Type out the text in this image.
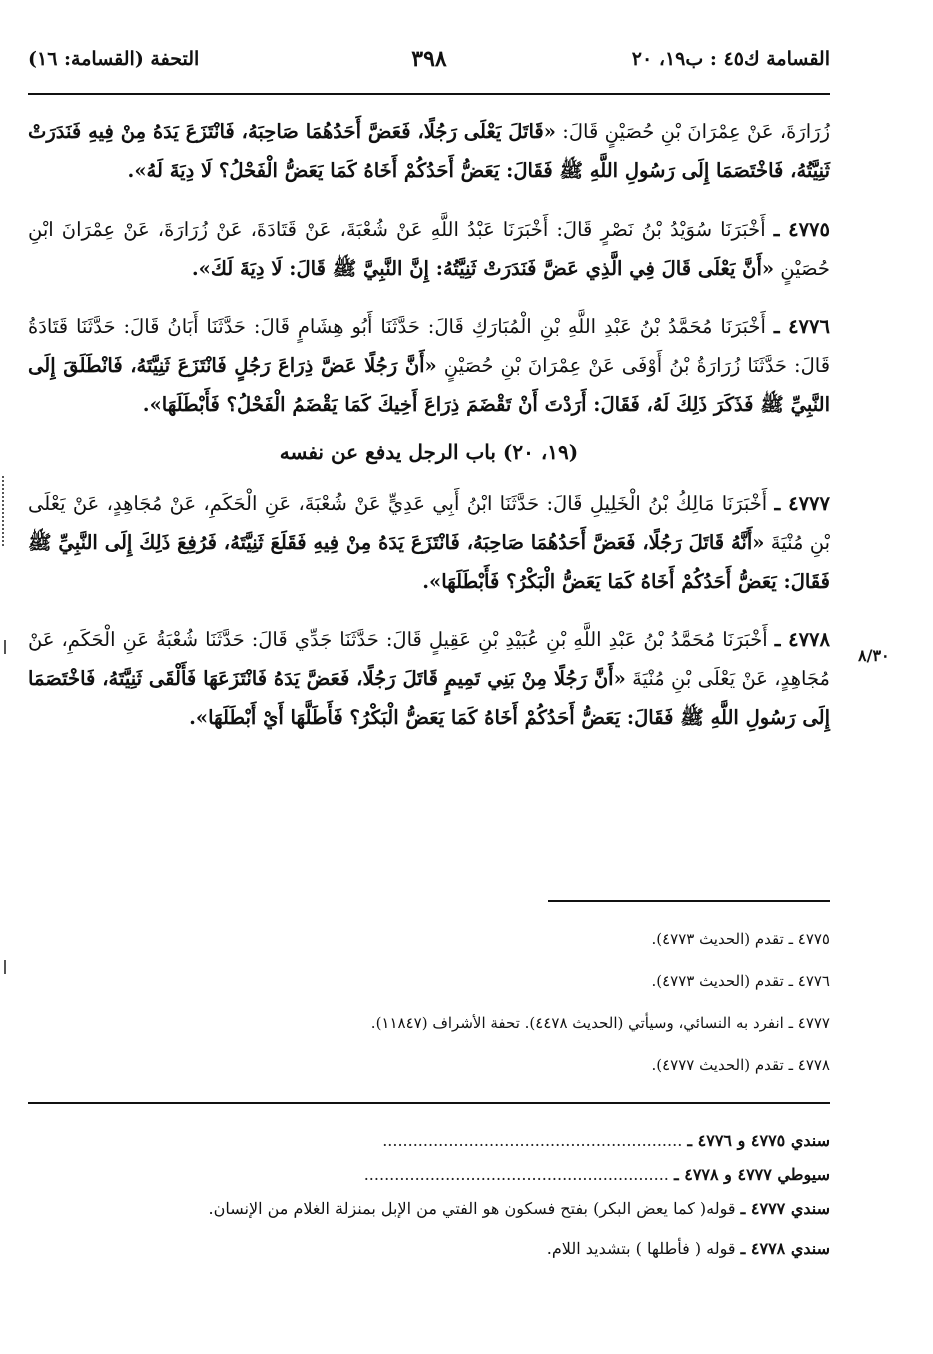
القسامة ك٤٥ : ب١٩، ٢٠
٣٩٨
التحفة (القسامة: ١٦)

زُرَارَةَ، عَنْ عِمْرَانَ بْنِ حُصَيْنٍ قَالَ: «قَاتَلَ يَعْلَى رَجُلًا، فَعَضَّ أَحَدُهُمَا صَاحِبَهُ، فَانْتَزَعَ يَدَهُ مِنْ فِيهِ فَنَدَرَتْ ثَنِيَّتُهُ، فَاخْتَصَمَا إِلَى رَسُولِ اللَّهِ ﷺ فَقَالَ: يَعَضُّ أَحَدُكُمْ أَخَاهُ كَمَا يَعَضُّ الْفَحْلُ؟ لَا دِيَةَ لَهُ».

٤٧٧٥ ـ أَخْبَرَنَا سُوَيْدُ بْنُ نَصْرٍ قَالَ: أَخْبَرَنَا عَبْدُ اللَّهِ عَنْ شُعْبَةَ، عَنْ قَتَادَةَ، عَنْ زُرَارَةَ، عَنْ عِمْرَانَ ابْنِ حُصَيْنٍ «أَنَّ يَعْلَى قَالَ فِي الَّذِي عَضَّ فَنَدَرَتْ ثَنِيَّتُهُ: إِنَّ النَّبِيَّ ﷺ قَالَ: لَا دِيَةَ لَكَ».

٤٧٧٦ ـ أَخْبَرَنَا مُحَمَّدُ بْنُ عَبْدِ اللَّهِ بْنِ الْمُبَارَكِ قَالَ: حَدَّثَنَا أَبُو هِشَامٍ قَالَ: حَدَّثَنَا أَبَانُ قَالَ: حَدَّثَنَا قَتَادَةُ قَالَ: حَدَّثَنَا زُرَارَةُ بْنُ أَوْفَى عَنْ عِمْرَانَ بْنِ حُصَيْنٍ «أَنَّ رَجُلًا عَضَّ ذِرَاعَ رَجُلٍ فَانْتَزَعَ ثَنِيَّتَهُ، فَانْطَلَقَ إِلَى النَّبِيِّ ﷺ فَذَكَرَ ذَلِكَ لَهُ، فَقَالَ: أَرَدْتَ أَنْ تَقْضَمَ ذِرَاعَ أَخِيكَ كَمَا يَقْضَمُ الْفَحْلُ؟ فَأَبْطَلَهَا».

(١٩، ٢٠) باب الرجل يدفع عن نفسه

٤٧٧٧ ـ أَخْبَرَنَا مَالِكُ بْنُ الْخَلِيلِ قَالَ: حَدَّثَنَا ابْنُ أَبِي عَدِيٍّ عَنْ شُعْبَةَ، عَنِ الْحَكَمِ، عَنْ مُجَاهِدٍ، عَنْ يَعْلَى بْنِ مُنْيَةَ «أَنَّهُ قَاتَلَ رَجُلًا، فَعَضَّ أَحَدُهُمَا صَاحِبَهُ، فَانْتَزَعَ يَدَهُ مِنْ فِيهِ فَقَلَعَ ثَنِيَّتَهُ، فَرُفِعَ ذَلِكَ إِلَى النَّبِيِّ ﷺ فَقَالَ: يَعَضُّ أَحَدُكُمْ أَخَاهُ كَمَا يَعَضُّ الْبَكْرُ؟ فَأَبْطَلَهَا».

٤٧٧٨ ـ أَخْبَرَنَا مُحَمَّدُ بْنُ عَبْدِ اللَّهِ بْنِ عُبَيْدِ بْنِ عَقِيلٍ قَالَ: حَدَّثَنَا جَدِّي قَالَ: حَدَّثَنَا شُعْبَةُ عَنِ الْحَكَمِ، عَنْ مُجَاهِدٍ، عَنْ يَعْلَى بْنِ مُنْيَةَ «أَنَّ رَجُلًا مِنْ بَنِي تَمِيمٍ قَاتَلَ رَجُلًا، فَعَضَّ يَدَهُ فَانْتَزَعَهَا فَأَلْقَى ثَنِيَّتَهُ، فَاخْتَصَمَا إِلَى رَسُولِ اللَّهِ ﷺ فَقَالَ: يَعَضُّ أَحَدُكُمْ أَخَاهُ كَمَا يَعَضُّ الْبَكْرُ؟ فَأَطَلَّهَا أَيْ أَبْطَلَهَا».

٨/٣٠
٤٧٧٥ ـ تقدم (الحديث ٤٧٧٣).
٤٧٧٦ ـ تقدم (الحديث ٤٧٧٣).
٤٧٧٧ ـ انفرد به النسائي، وسيأتي (الحديث ٤٤٧٨). تحفة الأشراف (١١٨٤٧).
٤٧٧٨ ـ تقدم (الحديث ٤٧٧٧).
سندي ٤٧٧٥ و ٤٧٧٦ ـ ...........................................................
سيوطي ٤٧٧٧ و ٤٧٧٨ ـ ............................................................
سندي ٤٧٧٧ ـ قوله( كما يعض البكر) بفتح فسكون هو الفتي من الإبل بمنزلة الغلام من الإنسان.
سندي ٤٧٧٨ ـ قوله ( فأطلها ) بتشديد اللام.
